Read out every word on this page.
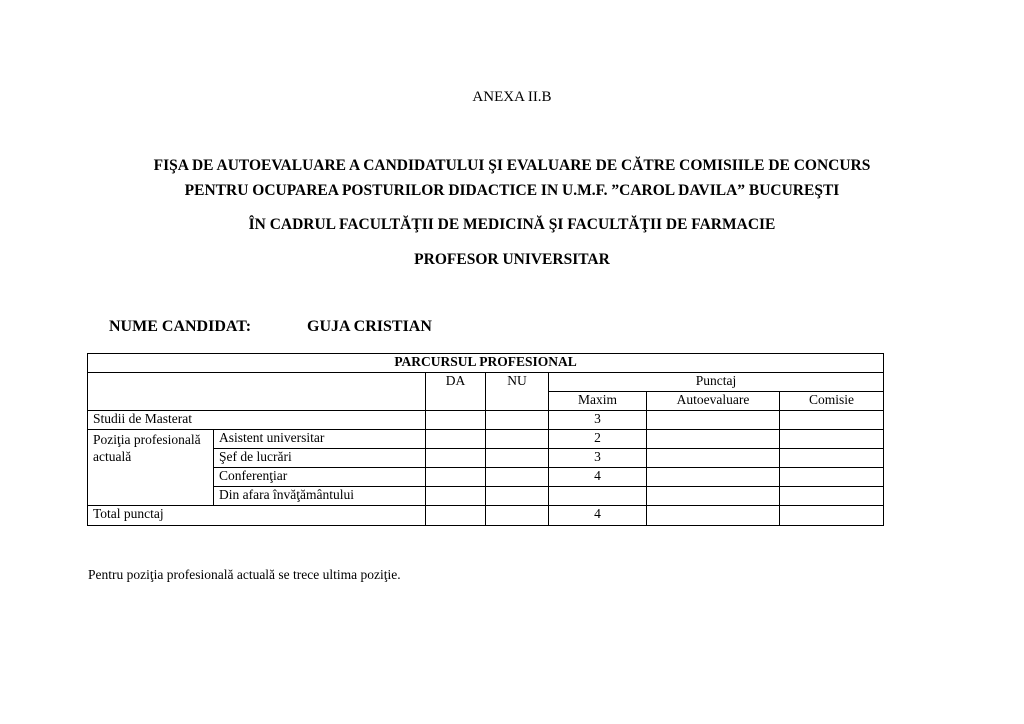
ANEXA II.B
FIŞA DE AUTOEVALUARE A CANDIDATULUI ŞI EVALUARE DE CĂTRE COMISIILE DE CONCURS
PENTRU OCUPAREA POSTURILOR DIDACTICE IN U.M.F. ”CAROL DAVILA” BUCUREŞTI
ÎN CADRUL FACULTĂŢII DE MEDICINĂ ŞI FACULTĂŢII DE FARMACIE
PROFESOR UNIVERSITAR
NUME CANDIDAT:	GUJA CRISTIAN
PARCURSUL PROFESIONAL						
		DA	NU	Punctaj		
				Maxim	Autoevaluare	Comisie
Studii de Masterat				3		
Poziţia profesională actuală	Asistent universitar			2		
	Şef de lucrări			3		
	Conferenţiar			4		
	Din afara învăţământului					
Total punctaj				4		
Pentru poziţia profesională actuală se trece ultima poziţie.
